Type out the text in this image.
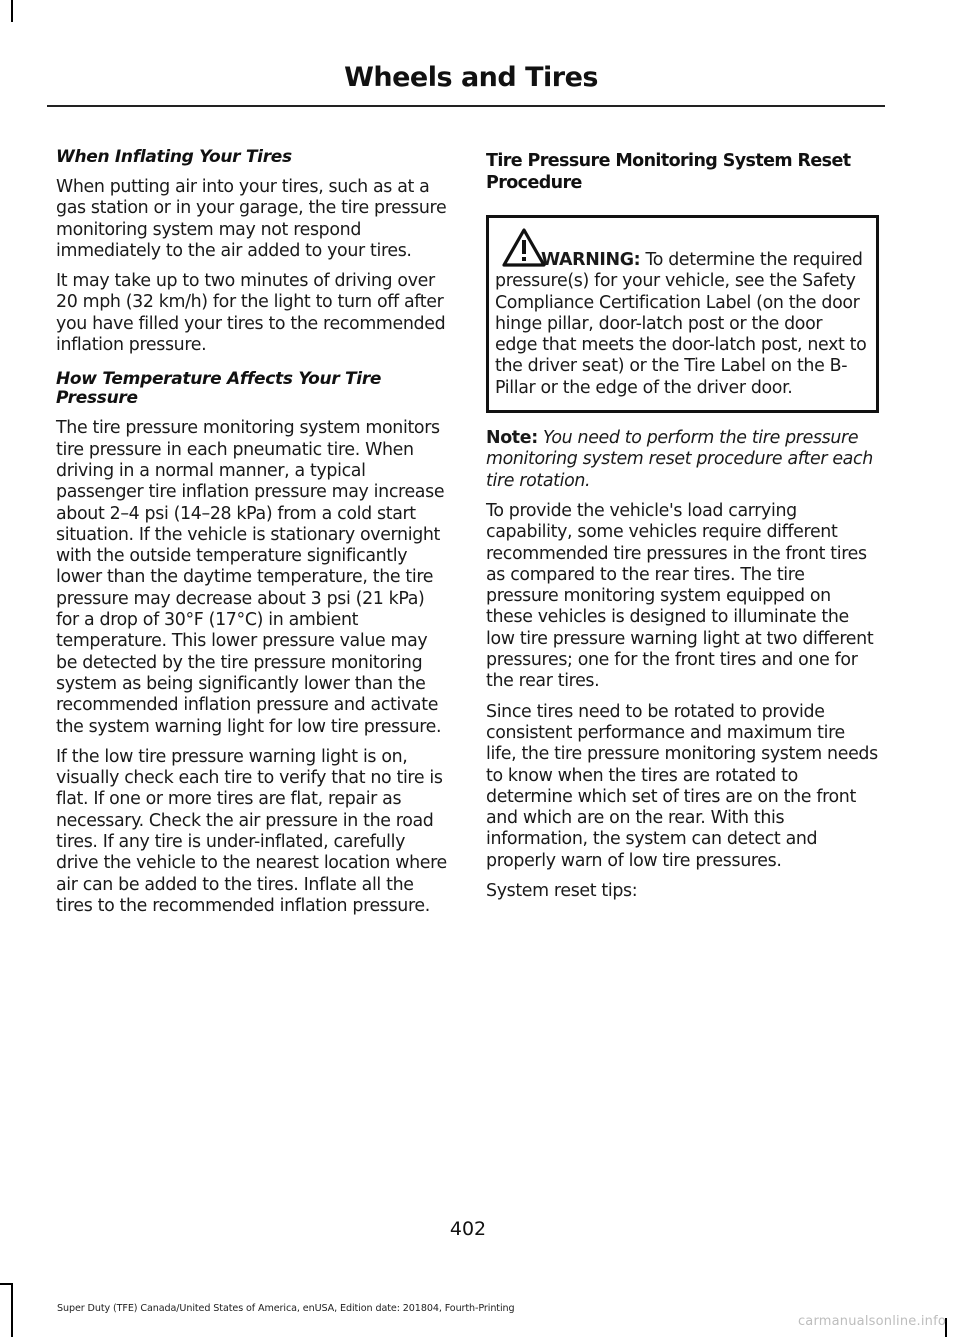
Wheels and Tires

When Inflating Your Tires

When putting air into your tires, such as at a gas station or in your garage, the tire pressure monitoring system may not respond immediately to the air added to your tires.

It may take up to two minutes of driving over 20 mph (32 km/h) for the light to turn off after you have filled your tires to the recommended inflation pressure.

How Temperature Affects Your Tire Pressure

The tire pressure monitoring system monitors tire pressure in each pneumatic tire. When driving in a normal manner, a typical passenger tire inflation pressure may increase about 2–4 psi (14–28 kPa) from a cold start situation. If the vehicle is stationary overnight with the outside temperature significantly lower than the daytime temperature, the tire pressure may decrease about 3 psi (21 kPa) for a drop of 30°F (17°C) in ambient temperature. This lower pressure value may be detected by the tire pressure monitoring system as being significantly lower than the recommended inflation pressure and activate the system warning light for low tire pressure.

If the low tire pressure warning light is on, visually check each tire to verify that no tire is flat. If one or more tires are flat, repair as necessary. Check the air pressure in the road tires. If any tire is under-inflated, carefully drive the vehicle to the nearest location where air can be added to the tires. Inflate all the tires to the recommended inflation pressure.

Tire Pressure Monitoring System Reset Procedure

WARNING: To determine the required pressure(s) for your vehicle, see the Safety Compliance Certification Label (on the door hinge pillar, door-latch post or the door edge that meets the door-latch post, next to the driver seat) or the Tire Label on the B-Pillar or the edge of the driver door.

Note: You need to perform the tire pressure monitoring system reset procedure after each tire rotation.

To provide the vehicle's load carrying capability, some vehicles require different recommended tire pressures in the front tires as compared to the rear tires. The tire pressure monitoring system equipped on these vehicles is designed to illuminate the low tire pressure warning light at two different pressures; one for the front tires and one for the rear tires.

Since tires need to be rotated to provide consistent performance and maximum tire life, the tire pressure monitoring system needs to know when the tires are rotated to determine which set of tires are on the front and which are on the rear. With this information, the system can detect and properly warn of low tire pressures.

System reset tips:

402
Super Duty (TFE) Canada/United States of America, enUSA, Edition date: 201804, Fourth-Printing
carmanualsonline.info
